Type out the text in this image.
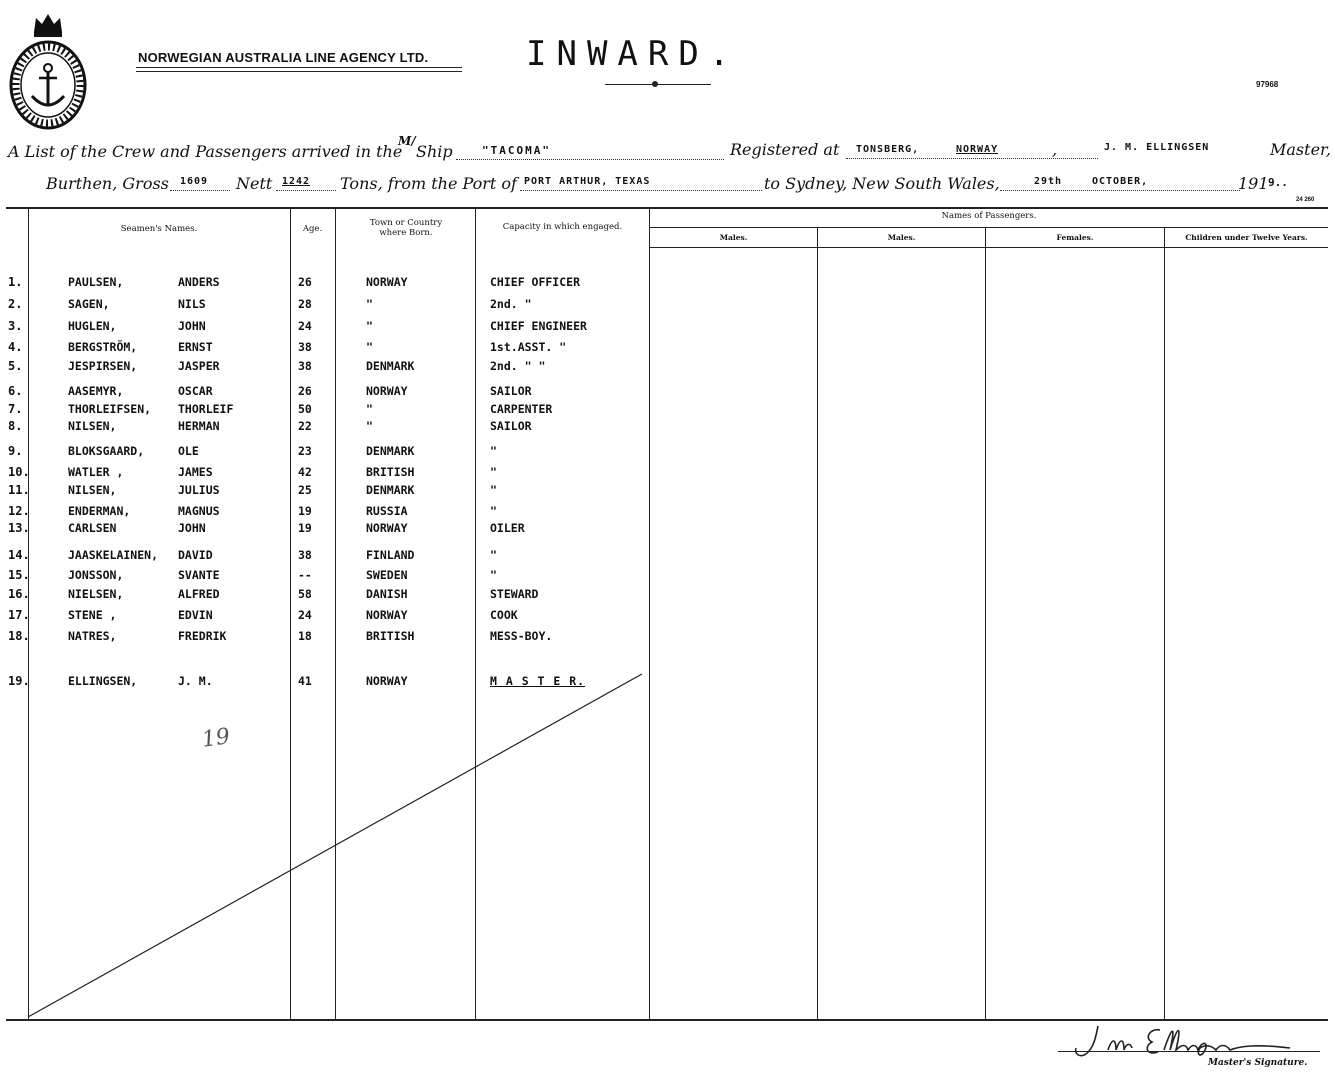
NORWEGIAN AUSTRALIA LINE AGENCY LTD.	INWARD.
97968
A List of the Crew and Passengers arrived in the
M/
Ship	"TACOMA"	Registered at TONSBERG,	NORWAY	,	J. M. ELLINGSEN	Master,
Burthen, Gross 1609 Nett 1242 Tons, from the Port of PORT ARTHUR, TEXAS	to Sydney, New South Wales,	29th	OCTOBER,	191 9..
24 260
Seamen's Names.	Age.
Town or Country where Born.
Capacity in which engaged.
Names of Passengers.
Males.	Males.	Females.	Children under Twelve Years.
1.	PAULSEN,	ANDERS	26	NORWAY	CHIEF OFFICER
2.	SAGEN,	NILS	28	"	2nd. "
3.	HUGLEN,	JOHN	24	"	CHIEF ENGINEER
4.	BERGSTRÖM,	ERNST	38	"	1st.ASST. "
5.	JESPIRSEN,	JASPER	38	DENMARK	2nd. " "
6.	AASEMYR,	OSCAR	26	NORWAY	SAILOR
7.	THORLEIFSEN, THORLEIF	50	"	CARPENTER
8.	NILSEN,	HERMAN	22	"	SAILOR
9.	BLOKSGAARD,	OLE	23	DENMARK	"
10.	WATLER ,	JAMES	42	BRITISH	"
11.	NILSEN,	JULIUS	25	DENMARK	"
12.	ENDERMAN,	MAGNUS	19	RUSSIA	"
13.	CARLSEN	JOHN	19	NORWAY	OILER
14.	JAASKELAINEN, DAVID	38	FINLAND	"
15.	JONSSON,	SVANTE	--	SWEDEN	"
16.	NIELSEN,	ALFRED	58	DANISH	STEWARD
17.	STENE ,	EDVIN	24	NORWAY	COOK
18.	NATRES,	FREDRIK	18	BRITISH	MESS-BOY.
19.	ELLINGSEN,	J. M.	41	NORWAY	M A S T E R.
19
J. M. Ellingsen
Master's Signature.
